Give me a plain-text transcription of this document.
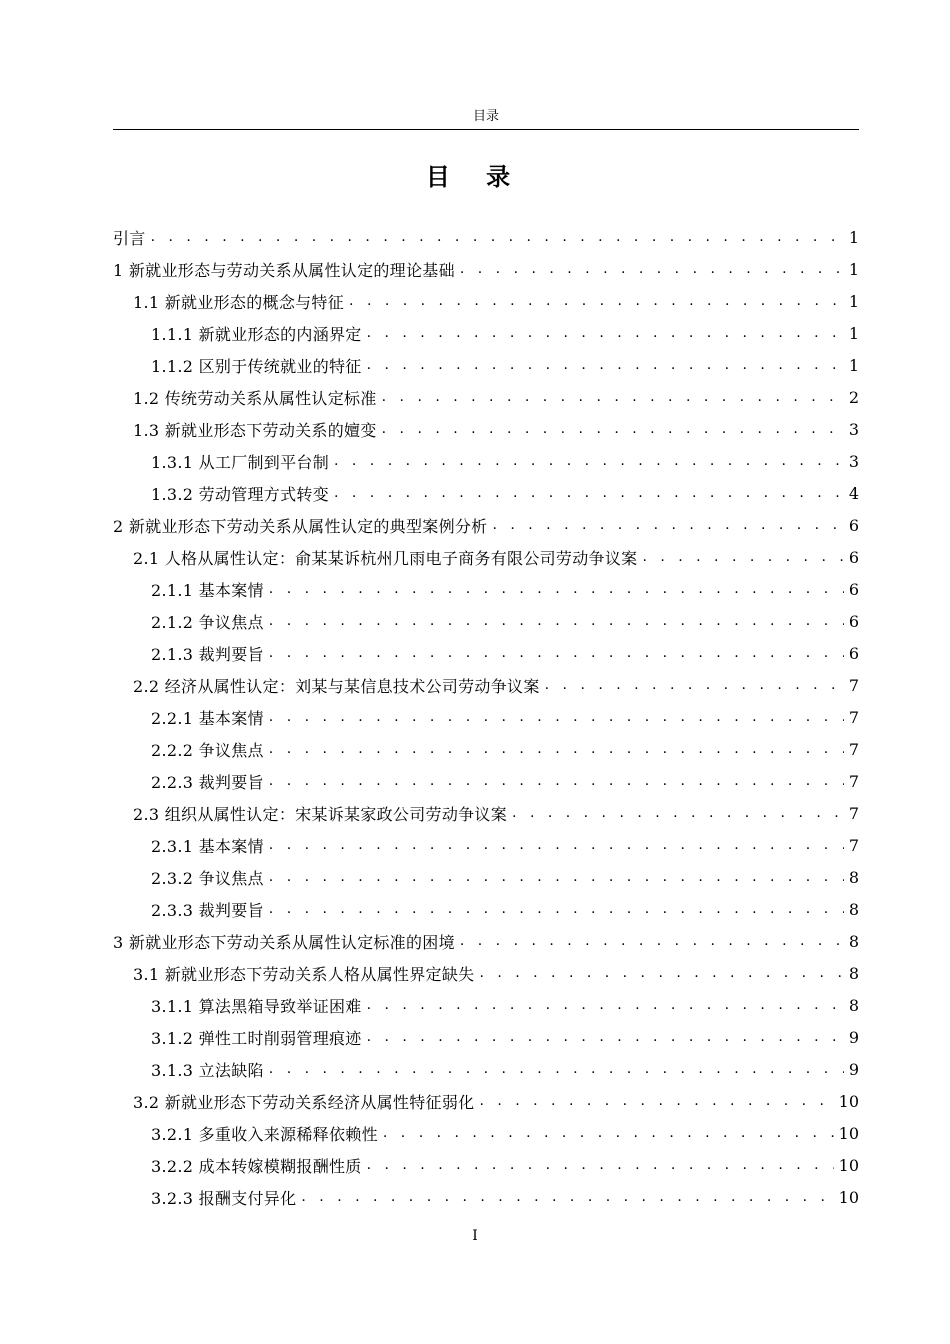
目录
目 录
引言 . . .	1
1 新就业形态与劳动关系从属性认定的理论基础 . . .	1
1.1 新就业形态的概念与特征 . . .	1
1.1.1 新就业形态的内涵界定 . . .	1
1.1.2 区别于传统就业的特征 . . .	1
1.2 传统劳动关系从属性认定标准 . . .	2
1.3 新就业形态下劳动关系的嬗变 . . .	3
1.3.1 从工厂制到平台制 . . .	3
1.3.2 劳动管理方式转变 . . .	4
2 新就业形态下劳动关系从属性认定的典型案例分析 . . .	6
2.1 人格从属性认定：俞某某诉杭州几雨电子商务有限公司劳动争议案 . . .	6
2.1.1 基本案情 . . .	6
2.1.2 争议焦点 . . .	6
2.1.3 裁判要旨 . . .	6
2.2 经济从属性认定：刘某与某信息技术公司劳动争议案 . . .	7
2.2.1 基本案情 . . .	7
2.2.2 争议焦点 . . .	7
2.2.3 裁判要旨 . . .	7
2.3 组织从属性认定：宋某诉某家政公司劳动争议案 . . .	7
2.3.1 基本案情 . . .	7
2.3.2 争议焦点 . . .	8
2.3.3 裁判要旨 . . .	8
3 新就业形态下劳动关系从属性认定标准的困境 . . .	8
3.1 新就业形态下劳动关系人格从属性界定缺失 . . .	8
3.1.1 算法黑箱导致举证困难 . . .	8
3.1.2 弹性工时削弱管理痕迹 . . .	9
3.1.3 立法缺陷 . . .	9
3.2 新就业形态下劳动关系经济从属性特征弱化 . . .	10
3.2.1 多重收入来源稀释依赖性 . . .	10
3.2.2 成本转嫁模糊报酬性质 . . .	10
3.2.3 报酬支付异化 . . .	10
I
